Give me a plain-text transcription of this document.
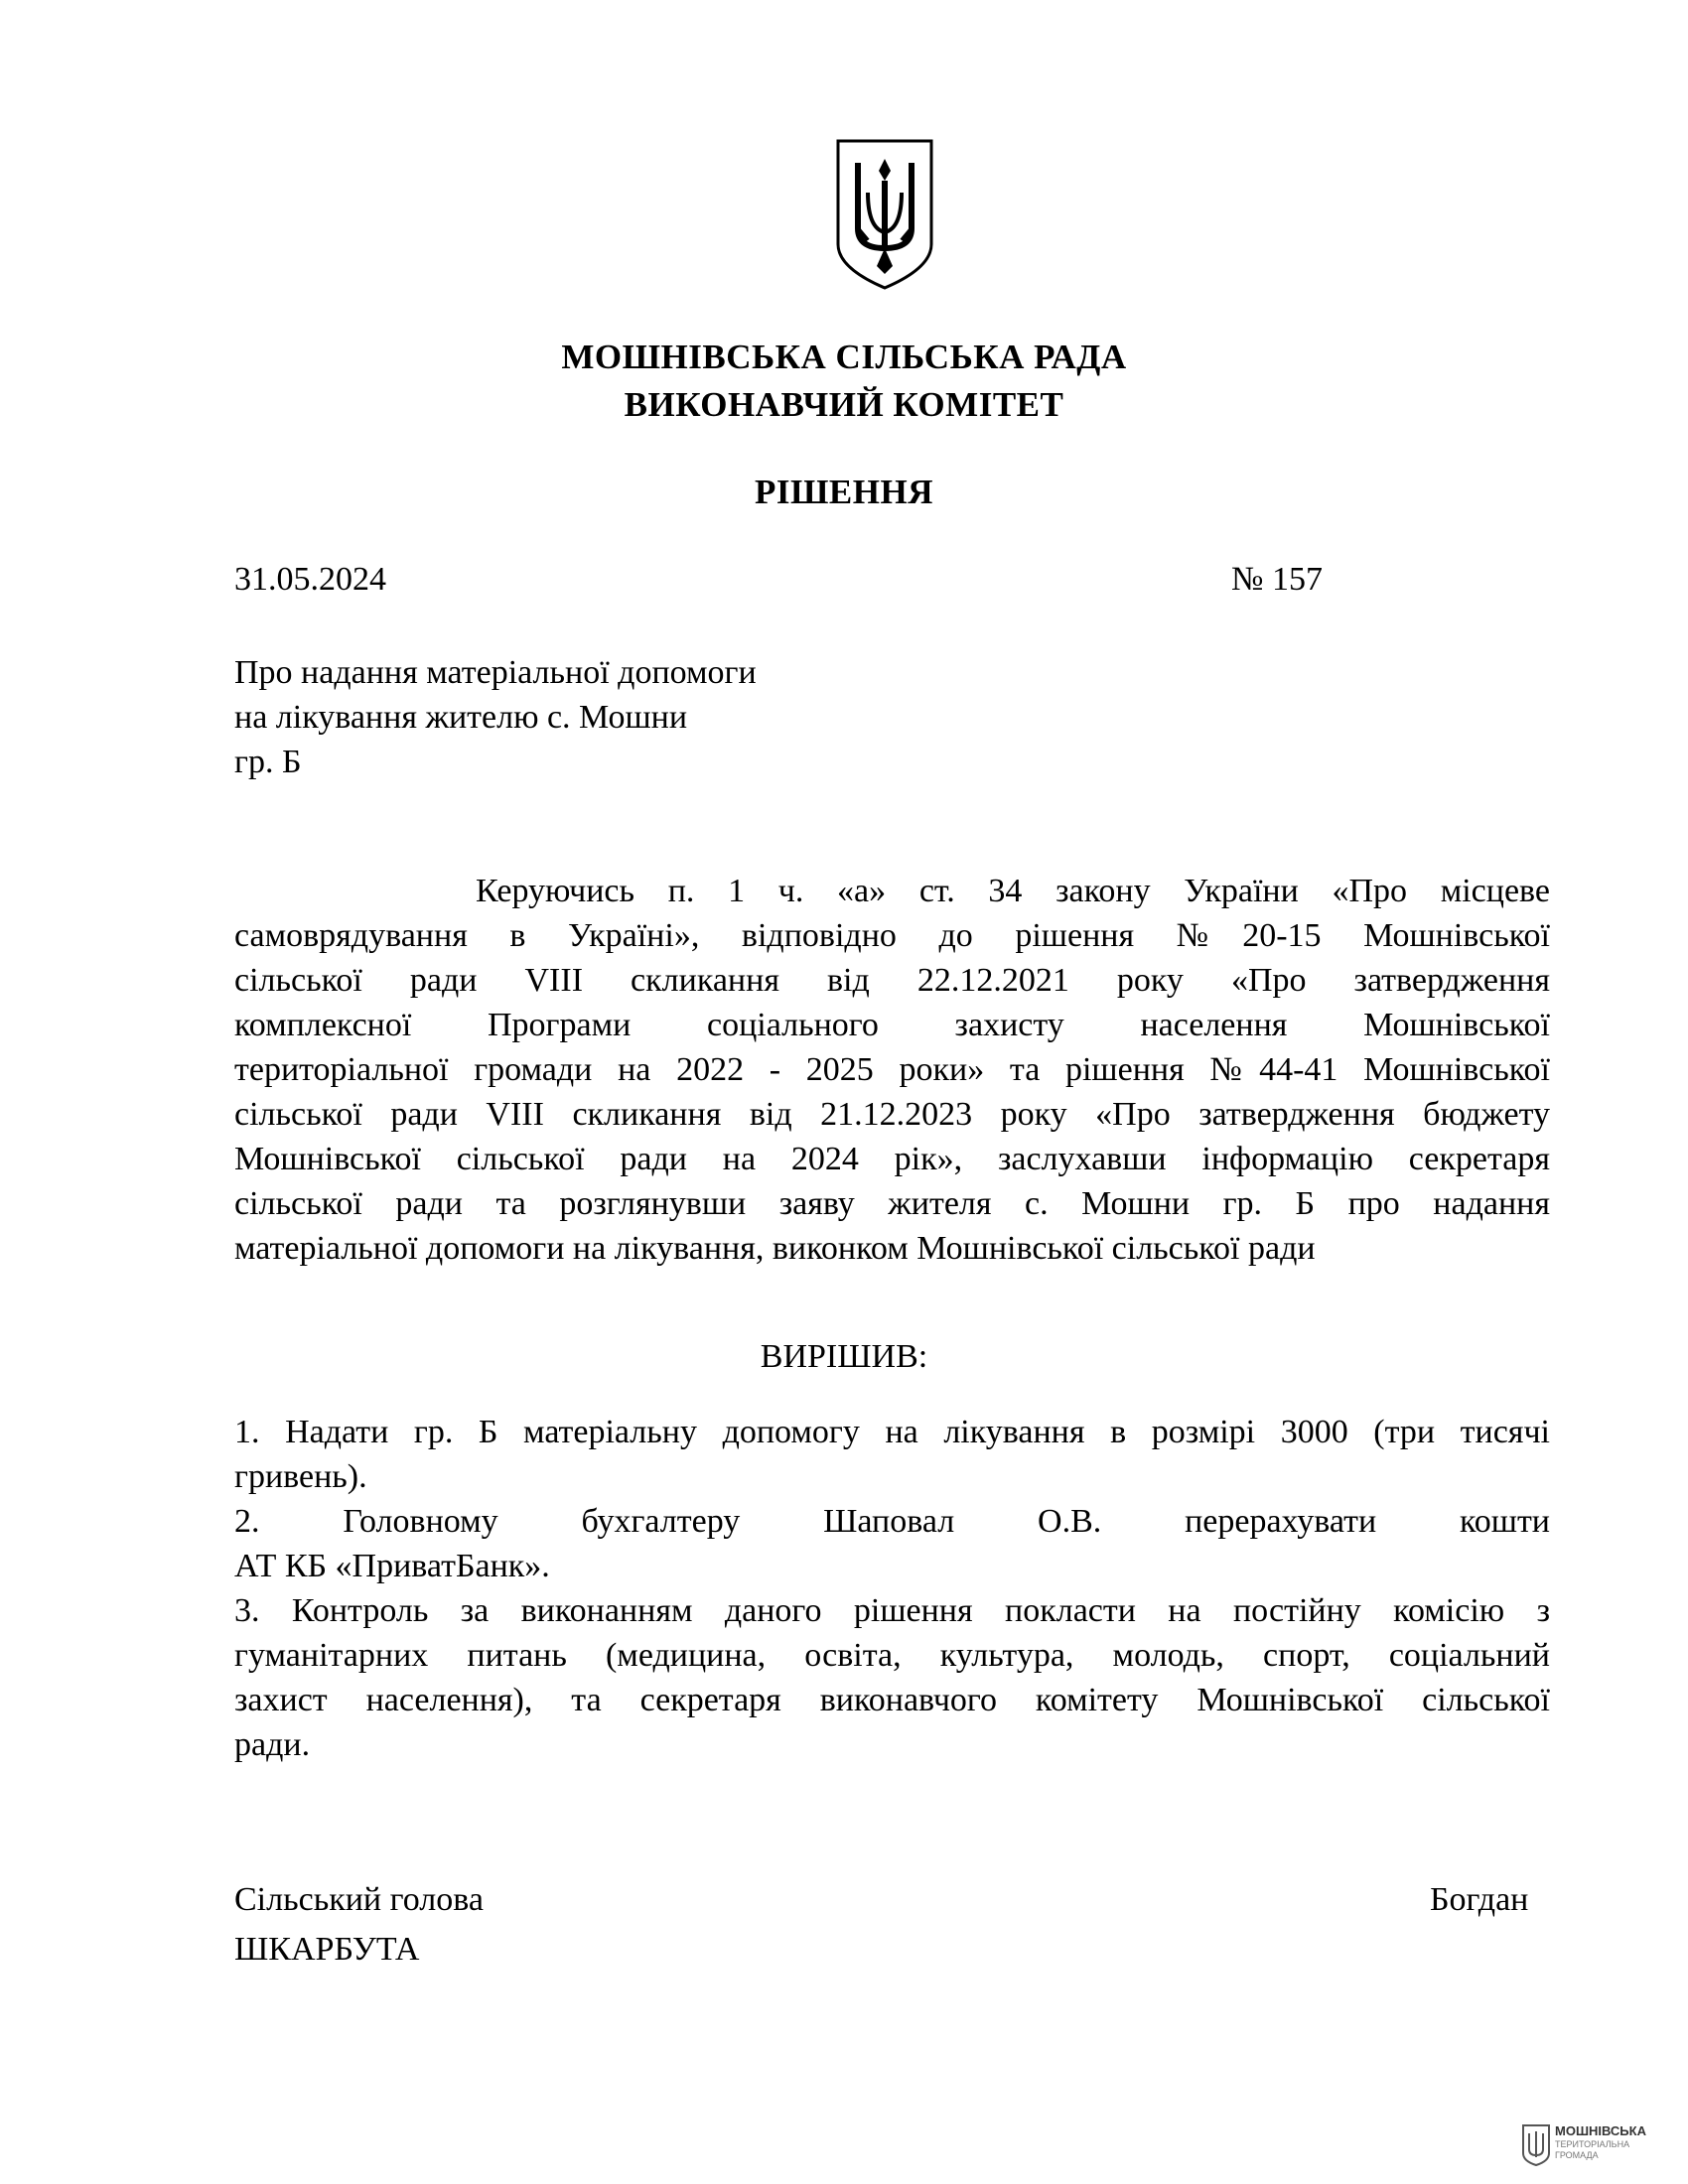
МОШНІВСЬКА СІЛЬСЬКА РАДА
ВИКОНАВЧИЙ КОМІТЕТ
РІШЕННЯ
31.05.2024	№ 157
Про надання матеріальної допомоги
на лікування жителю с. Мошни
гр. Б
Керуючись п. 1 ч. «а» ст. 34 закону України «Про місцеве
самоврядування в Україні», відповідно до рішення №20-15 Мошнівської
сільської ради VIII скликання від 22.12.2021 року «Про затвердження
комплексної Програми соціального захисту населення Мошнівської
територіальної громади на 2022 - 2025 роки» та рішення №44-41 Мошнівської
сільської ради VIII скликання від 21.12.2023 року «Про затвердження бюджету
Мошнівської сільської ради на 2024 рік», заслухавши інформацію секретаря
сільської ради та розглянувши заяву жителя с. Мошни гр. Б про надання
матеріальної допомоги на лікування, виконком Мошнівської сільської ради
ВИРІШИВ:
1. Надати гр. Б матеріальну допомогу на лікування в розмірі 3000 (три тисячі
гривень).
2. Головному бухгалтеру Шаповал О.В. перерахувати кошти
АТ КБ «ПриватБанк».
3. Контроль за виконанням даного рішення покласти на постійну комісію з
гуманітарних питань (медицина, освіта, культура, молодь, спорт, соціальний
захист населення), та секретаря виконавчого комітету Мошнівської сільської
ради.
Сільський голова	Богдан
ШКАРБУТА
МОШНІВСЬКА
ТЕРИТОРІАЛЬНА ГРОМАДА
